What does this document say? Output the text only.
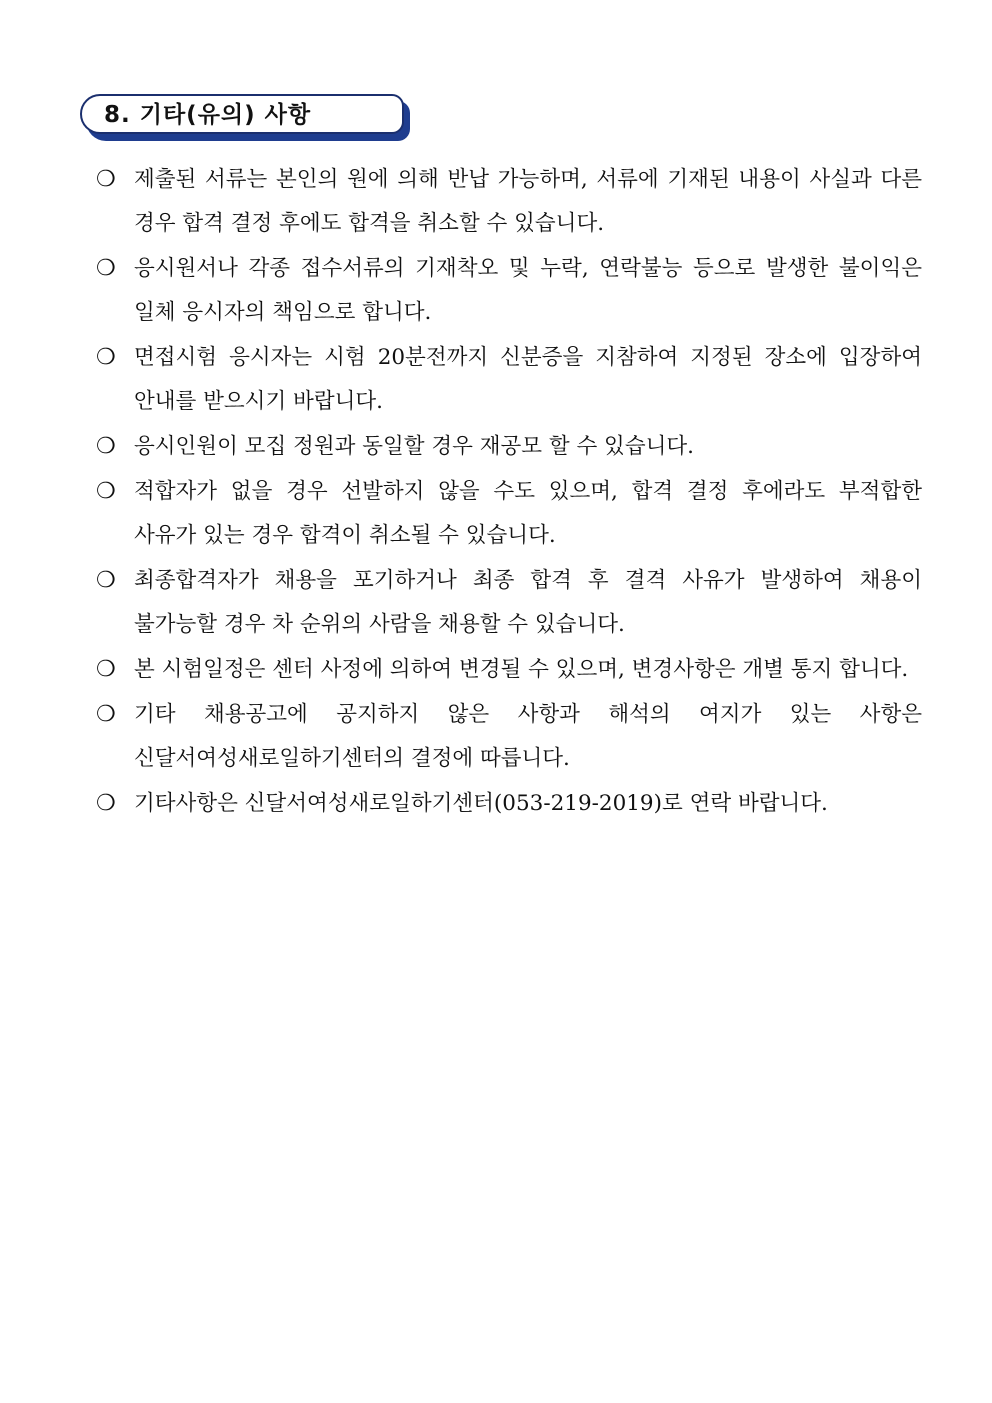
8. 기타(유의) 사항
❍ 제출된 서류는 본인의 원에 의해 반납 가능하며, 서류에 기재된 내용이 사실과 다른 경우 합격 결정 후에도 합격을 취소할 수 있습니다.
❍ 응시원서나 각종 접수서류의 기재착오 및 누락, 연락불능 등으로 발생한 불이익은 일체 응시자의 책임으로 합니다.
❍ 면접시험 응시자는 시험 20분전까지 신분증을 지참하여 지정된 장소에 입장하여 안내를 받으시기 바랍니다.
❍ 응시인원이 모집 정원과 동일할 경우 재공모 할 수 있습니다.
❍ 적합자가 없을 경우 선발하지 않을 수도 있으며, 합격 결정 후에라도 부적합한 사유가 있는 경우 합격이 취소될 수 있습니다.
❍ 최종합격자가 채용을 포기하거나 최종 합격 후 결격 사유가 발생하여 채용이 불가능할 경우 차 순위의 사람을 채용할 수 있습니다.
❍ 본 시험일정은 센터 사정에 의하여 변경될 수 있으며, 변경사항은 개별 통지 합니다.
❍ 기타 채용공고에 공지하지 않은 사항과 해석의 여지가 있는 사항은 신달서여성새로일하기센터의 결정에 따릅니다.
❍ 기타사항은 신달서여성새로일하기센터(053-219-2019)로 연락 바랍니다.
